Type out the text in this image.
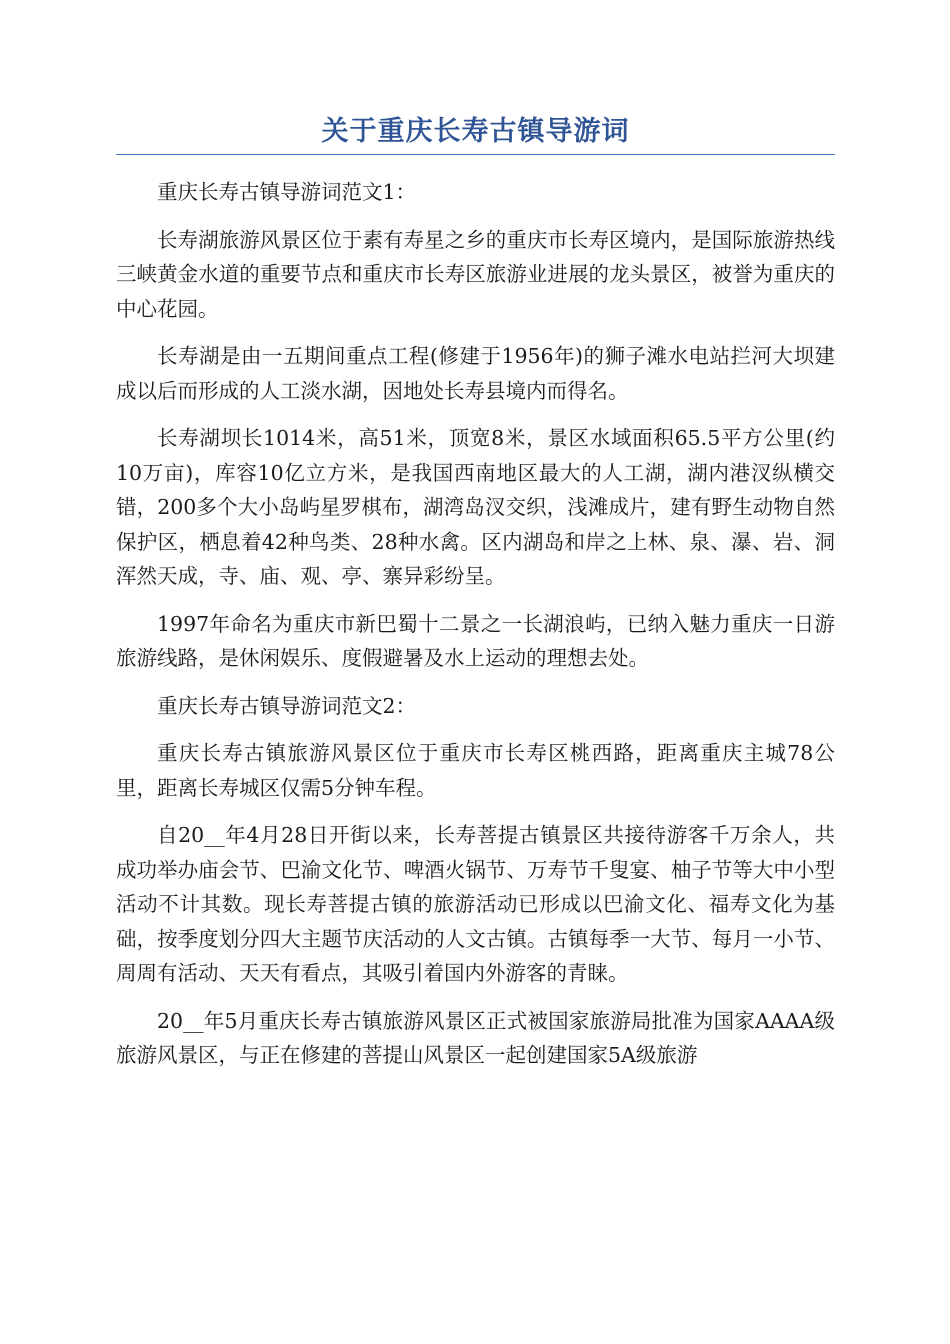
关于重庆长寿古镇导游词

重庆长寿古镇导游词范文1：

长寿湖旅游风景区位于素有寿星之乡的重庆市长寿区境内，是国际旅游热线三峡黄金水道的重要节点和重庆市长寿区旅游业进展的龙头景区，被誉为重庆的中心花园。

长寿湖是由一五期间重点工程(修建于1956年)的狮子滩水电站拦河大坝建成以后而形成的人工淡水湖，因地处长寿县境内而得名。

长寿湖坝长1014米，高51米，顶宽8米，景区水域面积65.5平方公里(约10万亩)，库容10亿立方米，是我国西南地区最大的人工湖，湖内港汊纵横交错，200多个大小岛屿星罗棋布，湖湾岛汊交织，浅滩成片，建有野生动物自然保护区，栖息着42种鸟类、28种水禽。区内湖岛和岸之上林、泉、瀑、岩、洞浑然天成，寺、庙、观、亭、寨异彩纷呈。

1997年命名为重庆市新巴蜀十二景之一长湖浪屿，已纳入魅力重庆一日游旅游线路，是休闲娱乐、度假避暑及水上运动的理想去处。

重庆长寿古镇导游词范文2：

重庆长寿古镇旅游风景区位于重庆市长寿区桃西路，距离重庆主城78公里，距离长寿城区仅需5分钟车程。

自20__年4月28日开街以来，长寿菩提古镇景区共接待游客千万余人，共成功举办庙会节、巴渝文化节、啤酒火锅节、万寿节千叟宴、柚子节等大中小型活动不计其数。现长寿菩提古镇的旅游活动已形成以巴渝文化、福寿文化为基础，按季度划分四大主题节庆活动的人文古镇。古镇每季一大节、每月一小节、周周有活动、天天有看点，其吸引着国内外游客的青睐。

20__年5月重庆长寿古镇旅游风景区正式被国家旅游局批准为国家AAAA级旅游风景区，与正在修建的菩提山风景区一起创建国家5A级旅游
